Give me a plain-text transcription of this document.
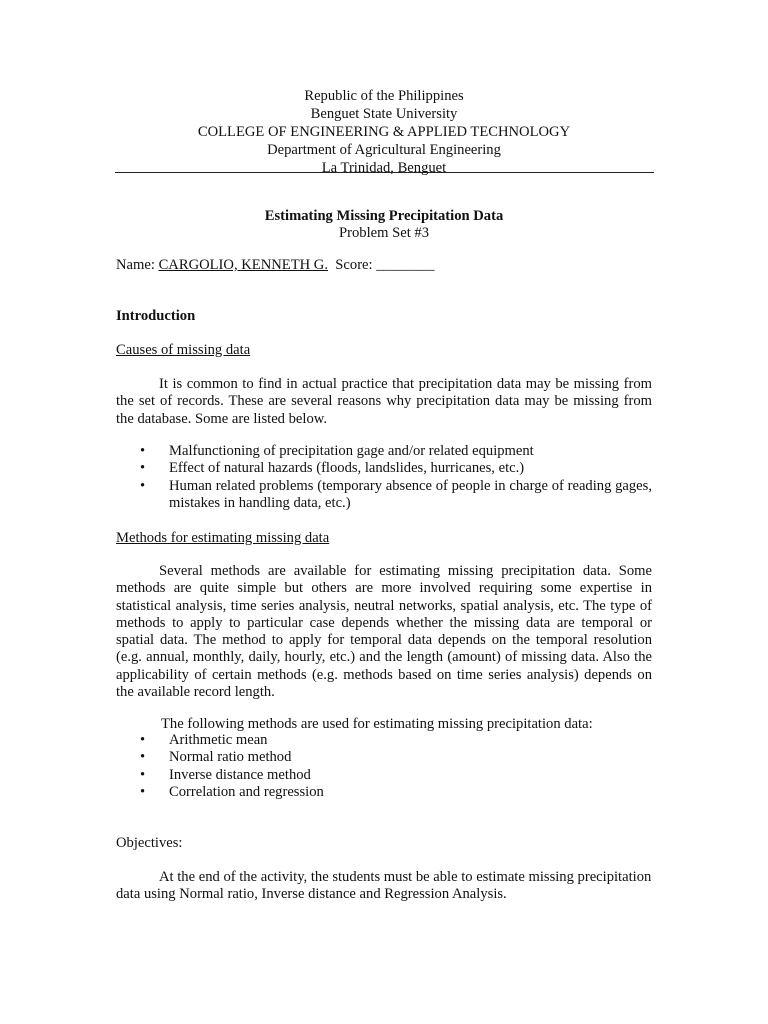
Republic of the Philippines
Benguet State University
COLLEGE OF ENGINEERING & APPLIED TECHNOLOGY
Department of Agricultural Engineering
La Trinidad, Benguet
Estimating Missing Precipitation Data
Problem Set #3
Name: CARGOLIO, KENNETH G. Score: ________
Introduction
Causes of missing data
It is common to find in actual practice that precipitation data may be missing from the set of records. These are several reasons why precipitation data may be missing from the database. Some are listed below.
• Malfunctioning of precipitation gage and/or related equipment
• Effect of natural hazards (floods, landslides, hurricanes, etc.)
• Human related problems (temporary absence of people in charge of reading gages, mistakes in handling data, etc.)
Methods for estimating missing data
Several methods are available for estimating missing precipitation data. Some methods are quite simple but others are more involved requiring some expertise in statistical analysis, time series analysis, neutral networks, spatial analysis, etc. The type of methods to apply to particular case depends whether the missing data are temporal or spatial data. The method to apply for temporal data depends on the temporal resolution (e.g. annual, monthly, daily, hourly, etc.) and the length (amount) of missing data. Also the applicability of certain methods (e.g. methods based on time series analysis) depends on the available record length.
The following methods are used for estimating missing precipitation data:
• Arithmetic mean
• Normal ratio method
• Inverse distance method
• Correlation and regression
Objectives:
At the end of the activity, the students must be able to estimate missing precipitation data using Normal ratio, Inverse distance and Regression Analysis.
